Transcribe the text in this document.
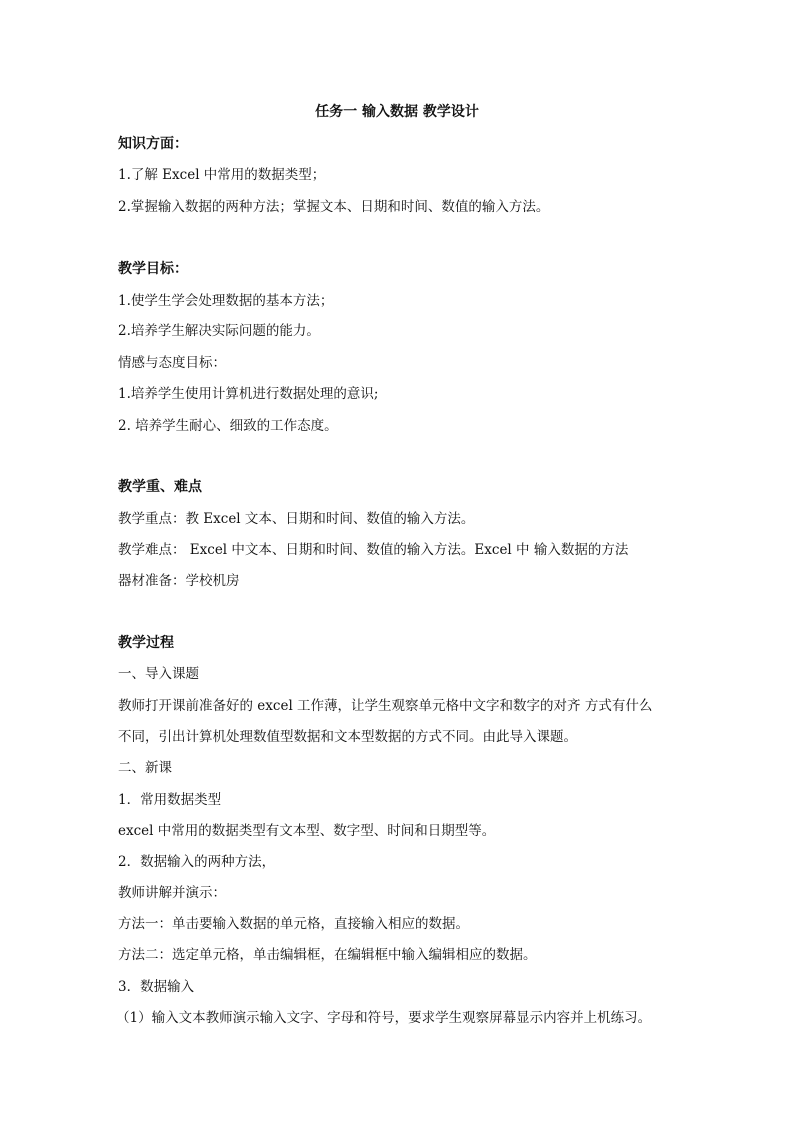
任务一 输入数据 教学设计
知识方面：
1.了解 Excel 中常用的数据类型；
2.掌握输入数据的两种方法；掌握文本、日期和时间、数值的输入方法。
教学目标：
1.使学生学会处理数据的基本方法；
2.培养学生解决实际问题的能力。
情感与态度目标：
1.培养学生使用计算机进行数据处理的意识;
2. 培养学生耐心、细致的工作态度。
教学重、难点
教学重点：教 Excel 文本、日期和时间、数值的输入方法。
教学难点： Excel 中文本、日期和时间、数值的输入方法。Excel 中 输入数据的方法
器材准备：学校机房
教学过程
一、导入课题
教师打开课前准备好的 excel 工作薄，让学生观察单元格中文字和数字的对齐 方式有什么
不同，引出计算机处理数值型数据和文本型数据的方式不同。由此导入课题。
二、新课
1．常用数据类型
excel 中常用的数据类型有文本型、数字型、时间和日期型等。
2．数据输入的两种方法，
教师讲解并演示：
方法一：单击要输入数据的单元格，直接输入相应的数据。
方法二：选定单元格，单击编辑框，在编辑框中输入编辑相应的数据。
3．数据输入
（1）输入文本教师演示输入文字、字母和符号，要求学生观察屏幕显示内容并上机练习。
